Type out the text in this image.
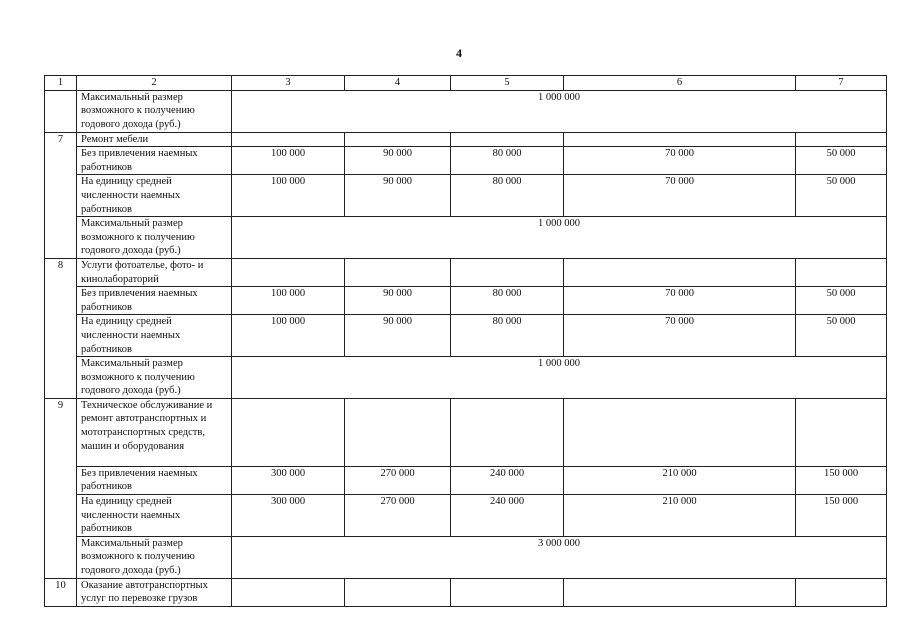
4
1	2	3	4	5	6	7
	Максимальный размер возможного к получению годового дохода (руб.)	1 000 000				
7	Ремонт мебели					
	Без привлечения наемных работников	100 000	90 000	80 000	70 000	50 000
	На единицу средней численности наемных работников	100 000	90 000	80 000	70 000	50 000
	Максимальный размер возможного к получению годового дохода (руб.)	1 000 000				
8	Услуги фотоателье, фото- и кинолабораторий					
	Без привлечения наемных работников	100 000	90 000	80 000	70 000	50 000
	На единицу средней численности наемных работников	100 000	90 000	80 000	70 000	50 000
	Максимальный размер возможного к получению годового дохода (руб.)	1 000 000				
9	Техническое обслуживание и ремонт автотранспортных и мототранспортных средств, машин и оборудования					
	Без привлечения наемных работников	300 000	270 000	240 000	210 000	150 000
	На единицу средней численности наемных работников	300 000	270 000	240 000	210 000	150 000
	Максимальный размер возможного к получению годового дохода (руб.)	3 000 000				
10	Оказание автотранспортных услуг по перевозке грузов					
